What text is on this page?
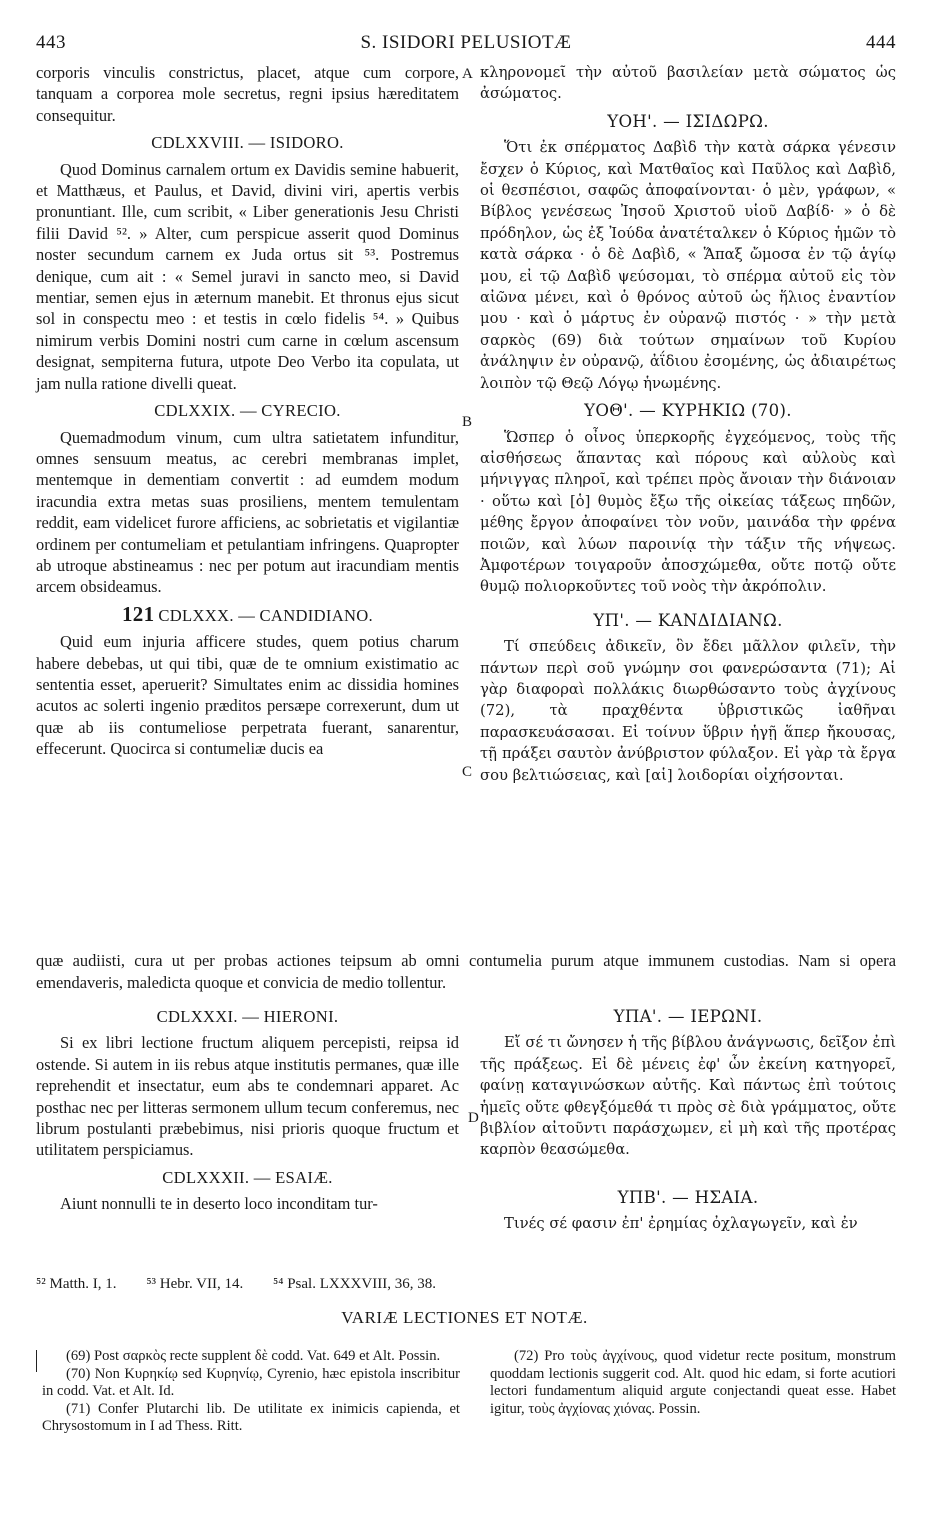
443	S. ISIDORI PELUSIOTÆ	444
A
B
C
D

corporis vinculis constrictus, placet, atque cum corpore, tanquam a corporea mole secretus, regni ipsius hæreditatem consequitur.

CDLXXVIII. — ISIDORO.

Quod Dominus carnalem ortum ex Davidis semine habuerit, et Matthæus, et Paulus, et David, divini viri, apertis verbis pronuntiant. Ille, cum scribit, « Liber generationis Jesu Christi filii David ⁵². » Alter, cum perspicue asserit quod Dominus noster secundum carnem ex Juda ortus sit ⁵³. Postremus denique, cum ait : « Semel juravi in sancto meo, si David mentiar, semen ejus in æternum manebit. Et thronus ejus sicut sol in conspectu meo : et testis in cœlo fidelis ⁵⁴. » Quibus nimirum verbis Domini nostri cum carne in cœlum ascensum designat, sempiterna futura, utpote Deo Verbo ita copulata, ut jam nulla ratione divelli queat.

CDLXXIX. — CYRECIO.

Quemadmodum vinum, cum ultra satietatem infunditur, omnes sensuum meatus, ac cerebri membranas implet, mentemque in dementiam convertit : ad eumdem modum iracundia extra metas suas prosiliens, mentem temulentam reddit, eam videlicet furore afficiens, ac sobrietatis et vigilantiæ ordinem per contumeliam et petulantiam infringens. Quapropter ab utroque abstineamus : nec per potum aut iracundiam mentis arcem obsideamus.

121 CDLXXX. — CANDIDIANO.

Quid eum injuria afficere studes, quem potius charum habere debebas, ut qui tibi, quæ de te omnium existimatio ac sententia esset, aperuerit? Simultates enim ac dissidia homines acutos ac solerti ingenio præditos persæpe correxerunt, dum ut quæ ab iis contumeliose perpetrata fuerant, sanarentur, effecerunt. Quocirca si contumeliæ ducis ea

κληρονομεῖ τὴν αὐτοῦ βασιλείαν μετὰ σώματος ὡς ἀσώματος.

ΥΟΗ'. — ΙΣΙΔΩΡΩ.

Ὅτι ἐκ σπέρματος Δαβὶδ τὴν κατὰ σάρκα γένεσιν ἔσχεν ὁ Κύριος, καὶ Ματθαῖος καὶ Παῦλος καὶ Δαβὶδ, οἱ θεσπέσιοι, σαφῶς ἀποφαίνονται· ὁ μὲν, γράφων, « Βίβλος γενέσεως Ἰησοῦ Χριστοῦ υἱοῦ Δαβίδ· » ὁ δὲ πρόδηλον, ὡς ἐξ Ἰούδα ἀνατέταλκεν ὁ Κύριος ἡμῶν τὸ κατὰ σάρκα · ὁ δὲ Δαβὶδ, « Ἅπαξ ὤμοσα ἐν τῷ ἁγίῳ μου, εἰ τῷ Δαβὶδ ψεύσομαι, τὸ σπέρμα αὐτοῦ εἰς τὸν αἰῶνα μένει, καὶ ὁ θρόνος αὐτοῦ ὡς ἥλιος ἐναντίον μου · καὶ ὁ μάρτυς ἐν οὐρανῷ πιστός · » τὴν μετὰ σαρκὸς (69) διὰ τούτων σημαίνων τοῦ Κυρίου ἀνάληψιν ἐν οὐρανῷ, ἀΐδιου ἐσομένης, ὡς ἀδιαιρέτως λοιπὸν τῷ Θεῷ Λόγῳ ἡνωμένης.

ΥΟΘ'. — ΚΥΡΗΚΙΩ (70).

Ὥσπερ ὁ οἶνος ὑπερκορῆς ἐγχεόμενος, τοὺς τῆς αἰσθήσεως ἅπαντας καὶ πόρους καὶ αὐλοὺς καὶ μήνιγγας πληροῖ, καὶ τρέπει πρὸς ἄνοιαν τὴν διάνοιαν · οὕτω καὶ [ὁ] θυμὸς ἔξω τῆς οἰκείας τάξεως πηδῶν, μέθης ἔργον ἀποφαίνει τὸν νοῦν, μαινάδα τὴν φρένα ποιῶν, καὶ λύων παροινίᾳ τὴν τάξιν τῆς νήψεως. Ἀμφοτέρων τοιγαροῦν ἀποσχώμεθα, οὔτε ποτῷ οὔτε θυμῷ πολιορκοῦντες τοῦ νοὸς τὴν ἀκρόπολιν.

ΥΠ'. — ΚΑΝΔΙΔΙΑΝΩ.

Τί σπεύδεις ἀδικεῖν, ὃν ἔδει μᾶλλον φιλεῖν, τὴν πάντων περὶ σοῦ γνώμην σοι φανερώσαντα (71); Αἱ γὰρ διαφοραὶ πολλάκις διωρθώσαντο τοὺς ἀγχίνους (72), τὰ πραχθέντα ὑβριστικῶς ἰαθῆναι παρασκευάσασαι. Εἰ τοίνυν ὕβριν ἡγῇ ἅπερ ἤκουσας, τῇ πράξει σαυτὸν ἀνύβριστον φύλαξον. Εἰ γὰρ τὰ ἔργα σου βελτιώσειας, καὶ [αἱ] λοιδορίαι οἰχήσονται.

quæ audiisti, cura ut per probas actiones teipsum ab omni contumelia purum atque immunem custodias. Nam si opera emendaveris, maledicta quoque et convicia de medio tollentur.
CDLXXXI. — HIERONI.

Si ex libri lectione fructum aliquem percepisti, reipsa id ostende. Si autem in iis rebus atque institutis permanes, quæ ille reprehendit et insectatur, eum abs te condemnari apparet. Ac posthac nec per litteras sermonem ullum tecum conferemus, nec librum postulanti præbebimus, nisi prioris quoque fructum et utilitatem perspiciamus.

CDLXXXII. — ESAIÆ.

Aiunt nonnulli te in deserto loco inconditam tur-

ΥΠΑ'. — ΙΕΡΩΝΙ.

Εἴ σέ τι ὤνησεν ἡ τῆς βίβλου ἀνάγνωσις, δεῖξον ἐπὶ τῆς πράξεως. Εἰ δὲ μένεις ἐφ' ὧν ἐκείνη κατηγορεῖ, φαίνῃ καταγινώσκων αὐτῆς. Καὶ πάντως ἐπὶ τούτοις ἡμεῖς οὔτε φθεγξόμεθά τι πρὸς σὲ διὰ γράμματος, οὔτε βιβλίον αἰτοῦντι παράσχωμεν, εἰ μὴ καὶ τῆς προτέρας καρπὸν θεασώμεθα.

ΥΠΒ'. — ΗΣΑΙΑ.

Τινές σέ φασιν ἐπ' ἐρημίας ὀχλαγωγεῖν, καὶ ἐν

⁵² Matth. I, 1. ⁵³ Hebr. VII, 14. ⁵⁴ Psal. LXXXVIII, 36, 38.
VARIÆ LECTIONES ET NOTÆ.

(69) Post σαρκὸς recte supplent δὲ codd. Vat. 649 et Alt. Possin.

(70) Non Κυρηκίῳ sed Κυρηνίῳ, Cyrenio, hæc epistola inscribitur in codd. Vat. et Alt. Id.

(71) Confer Plutarchi lib. De utilitate ex inimicis capienda, et Chrysostomum in I ad Thess. Ritt.

(72) Pro τοὺς ἀγχίνους, quod videtur recte positum, monstrum quoddam lectionis suggerit cod. Alt. quod hic edam, si forte acutiori lectori fundamentum aliquid argute conjectandi queat esse. Habet igitur, τοὺς ἀγχίονας χιόνας. Possin.
